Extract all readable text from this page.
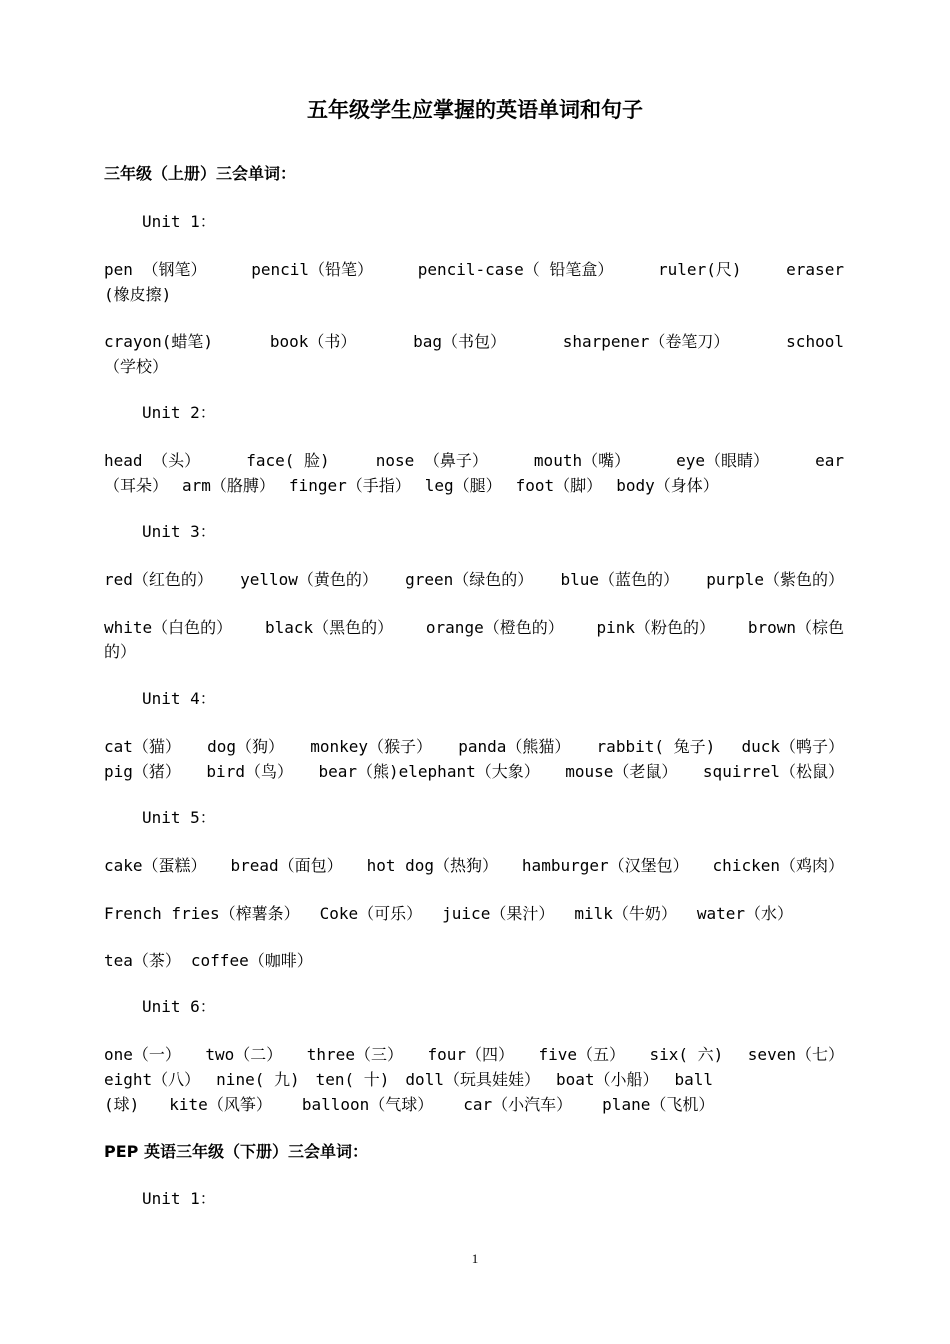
五年级学生应掌握的英语单词和句子
三年级（上册）三会单词：
Unit 1：
pen （钢笔）	pencil（铅笔）	pencil-case（ 铅笔盒）	ruler(尺)	eraser
(橡皮擦)
crayon(蜡笔)	book（书）	bag（书包）	sharpener（卷笔刀）	school
（学校）
Unit 2：
head （头）	face( 脸)	nose （鼻子）	mouth（嘴）	eye（眼睛）	ear
（耳朵） arm（胳膊） finger（手指） leg（腿） foot（脚） body（身体）
Unit 3：
red（红色的） yellow（黄色的） green（绿色的） blue（蓝色的） purple（紫色的）
white（白色的） black（黑色的） orange（橙色的） pink（粉色的） brown（棕色
的）
Unit 4：
cat（猫） dog（狗） monkey（猴子） panda（熊猫） rabbit( 兔子) duck（鸭子）
pig（猪） bird（鸟） bear（熊)elephant（大象） mouse（老鼠） squirrel（松鼠）
Unit 5：
cake（蛋糕） bread（面包） hot dog（热狗） hamburger（汉堡包） chicken（鸡肉）
French fries（榨薯条） Coke（可乐） juice（果汁） milk（牛奶） water（水）
tea（茶） coffee（咖啡）
Unit 6：
one（一） two（二） three（三） four（四） five（五） six( 六) seven（七）
eight（八） nine( 九) ten( 十) doll（玩具娃娃） boat（小船） ball
(球) kite（风筝） balloon（气球） car（小汽车） plane（飞机）
PEP 英语三年级（下册）三会单词：
Unit 1：
1
